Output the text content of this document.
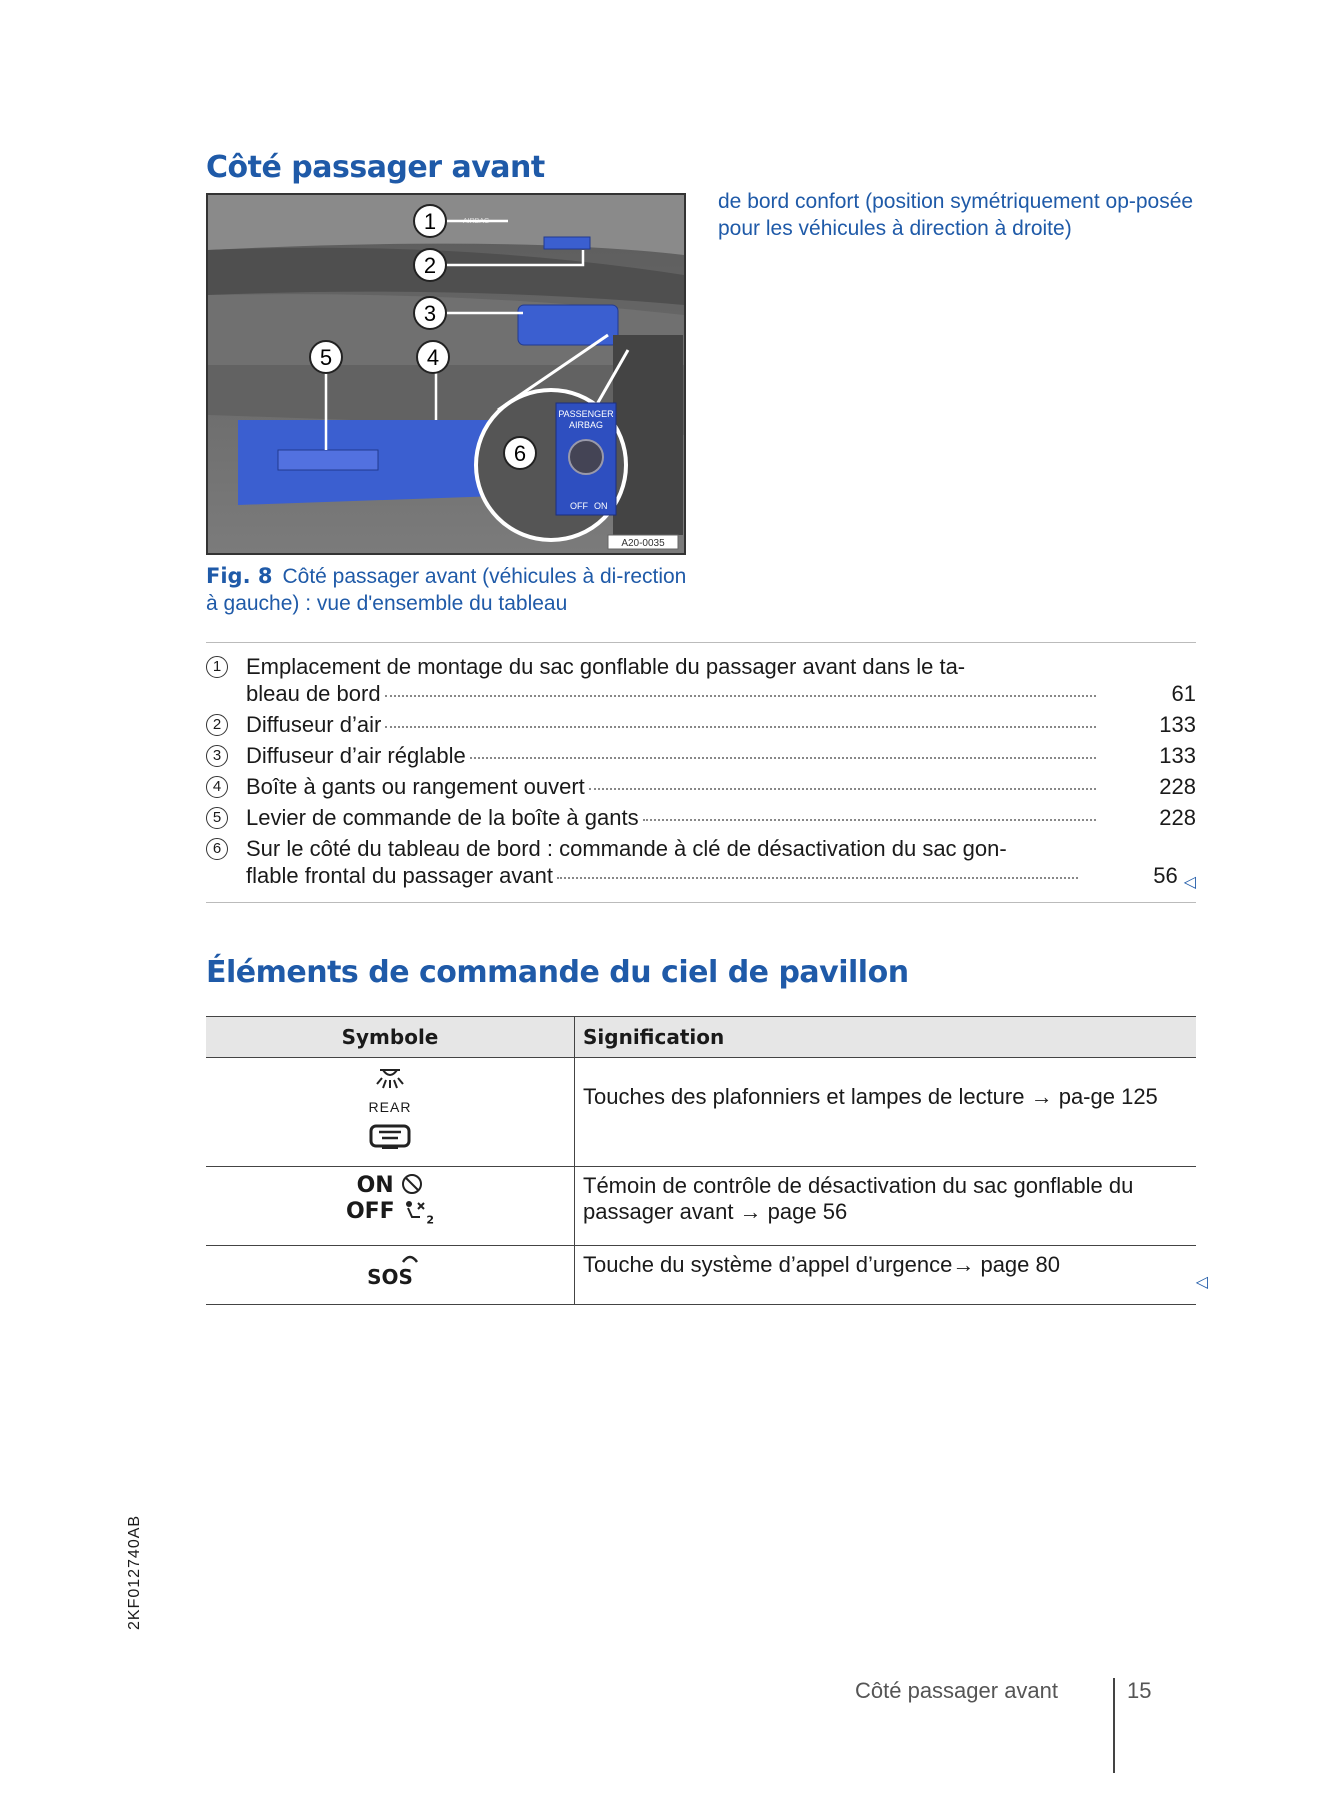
Côté passager avant
de bord confort (position symétriquement op-posée pour les véhicules à direction à droite)
PASSENGER
AIRBAG
OFF ON
AIRBAG
A20-0035
1
2
3
4
5
6
Fig. 8 Côté passager avant (véhicules à di-rection à gauche) : vue d'ensemble du tableau
1	Emplacement de montage du sac gonflable du passager avant dans le ta-
bleau de bord	61
2	Diffuseur d’air	133
3	Diffuseur d’air réglable	133
4	Boîte à gants ou rangement ouvert	228
5	Levier de commande de la boîte à gants	228
6	Sur le côté du tableau de bord : commande à clé de désactivation du sac gon-
flable frontal du passager avant	56 ◁
Éléments de commande du ciel de pavillon
Symbole	Signification

REAR	Touches des plafonniers et lampes de lecture → pa-ge 125

ON
OFF $_2$	Témoin de contrôle de désactivation du sac gonflable du passager avant → page 56

SOS	Touche du système d’appel d’urgence→ page 80
◁
2KF012740AB
Côté passager avant	15
